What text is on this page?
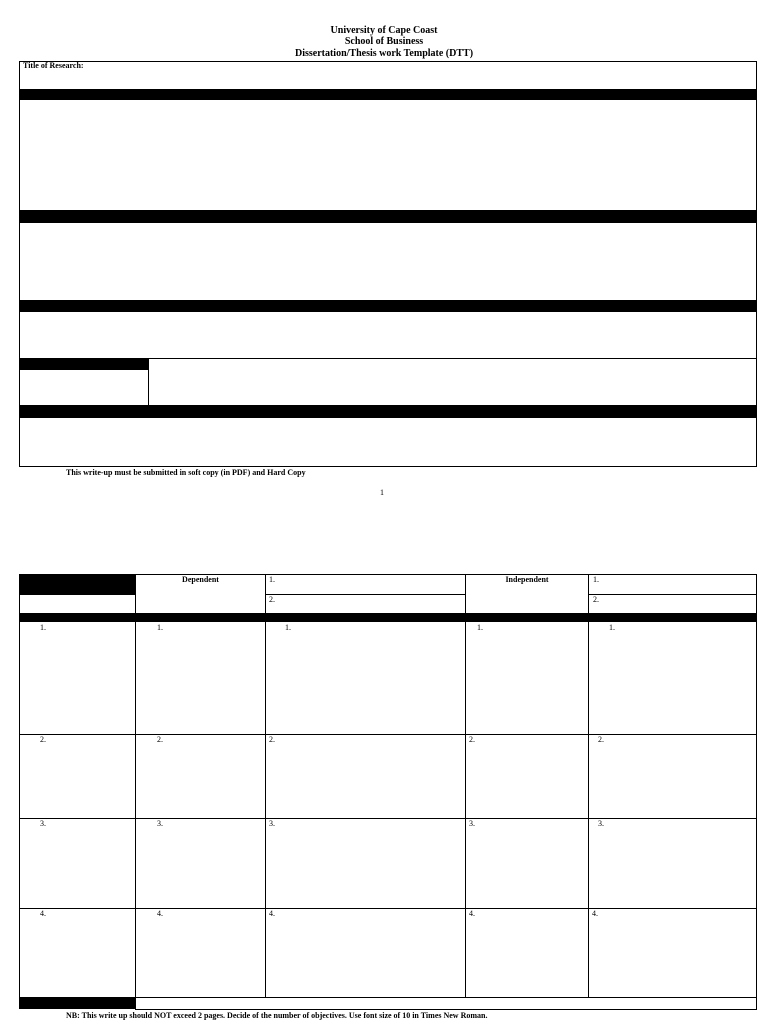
University of Cape Coast
School of Business
Dissertation/Thesis work Template (DTT)
Title of Research:
This write-up must be submitted in soft copy (in PDF) and Hard Copy
1
Dependent	Independent
1.
2.
1.
2.
1.
2.
3.
4.
1.
2.
3.
4.
1.
2.
3.
4.
1.
2.
3.
4.
1.
2.
3.
4.
NB: This write up should NOT exceed 2 pages. Decide of the number of objectives. Use font size of 10 in Times New Roman.
